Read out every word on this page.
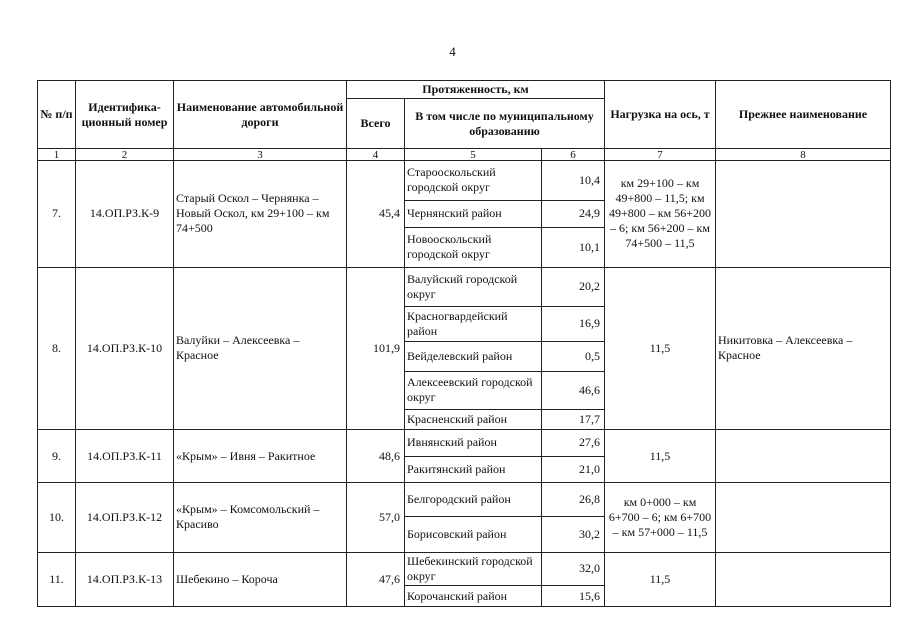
4
№ п/п	Идентифика-ционный номер	Наименование автомобильной дороги	Протяженность, км			Нагрузка на ось, т	Прежнее наименование
			Всего	В том числе по муниципальному образованию			
1	2	3	4	5	6	7	8
7.	14.ОП.РЗ.К-9	Старый Оскол – Чернянка – Новый Оскол, км 29+100 – км 74+500	45,4	Старооскольский городской округ	10,4	км 29+100 – км 49+800 – 11,5; км 49+800 – км 56+200 – 6; км 56+200 – км 74+500 – 11,5	
				Чернянский район	24,9		
				Новооскольский городской округ	10,1		
8.	14.ОП.РЗ.К-10	Валуйки – Алексеевка – Красное	101,9	Валуйский городской округ	20,2	11,5	Никитовка – Алексеевка – Красное
				Красногвардейский район	16,9		
				Вейделевский район	0,5		
				Алексеевский городской округ	46,6		
				Красненский район	17,7		
9.	14.ОП.РЗ.К-11	«Крым» – Ивня – Ракитное	48,6	Ивнянский район	27,6	11,5	
				Ракитянский район	21,0		
10.	14.ОП.РЗ.К-12	«Крым» – Комсомольский – Красиво	57,0	Белгородский район	26,8	км 0+000 – км 6+700 – 6; км 6+700 – км 57+000 – 11,5	
				Борисовский район	30,2		
11.	14.ОП.РЗ.К-13	Шебекино – Короча	47,6	Шебекинский городской округ	32,0	11,5	
				Корочанский район	15,6		
